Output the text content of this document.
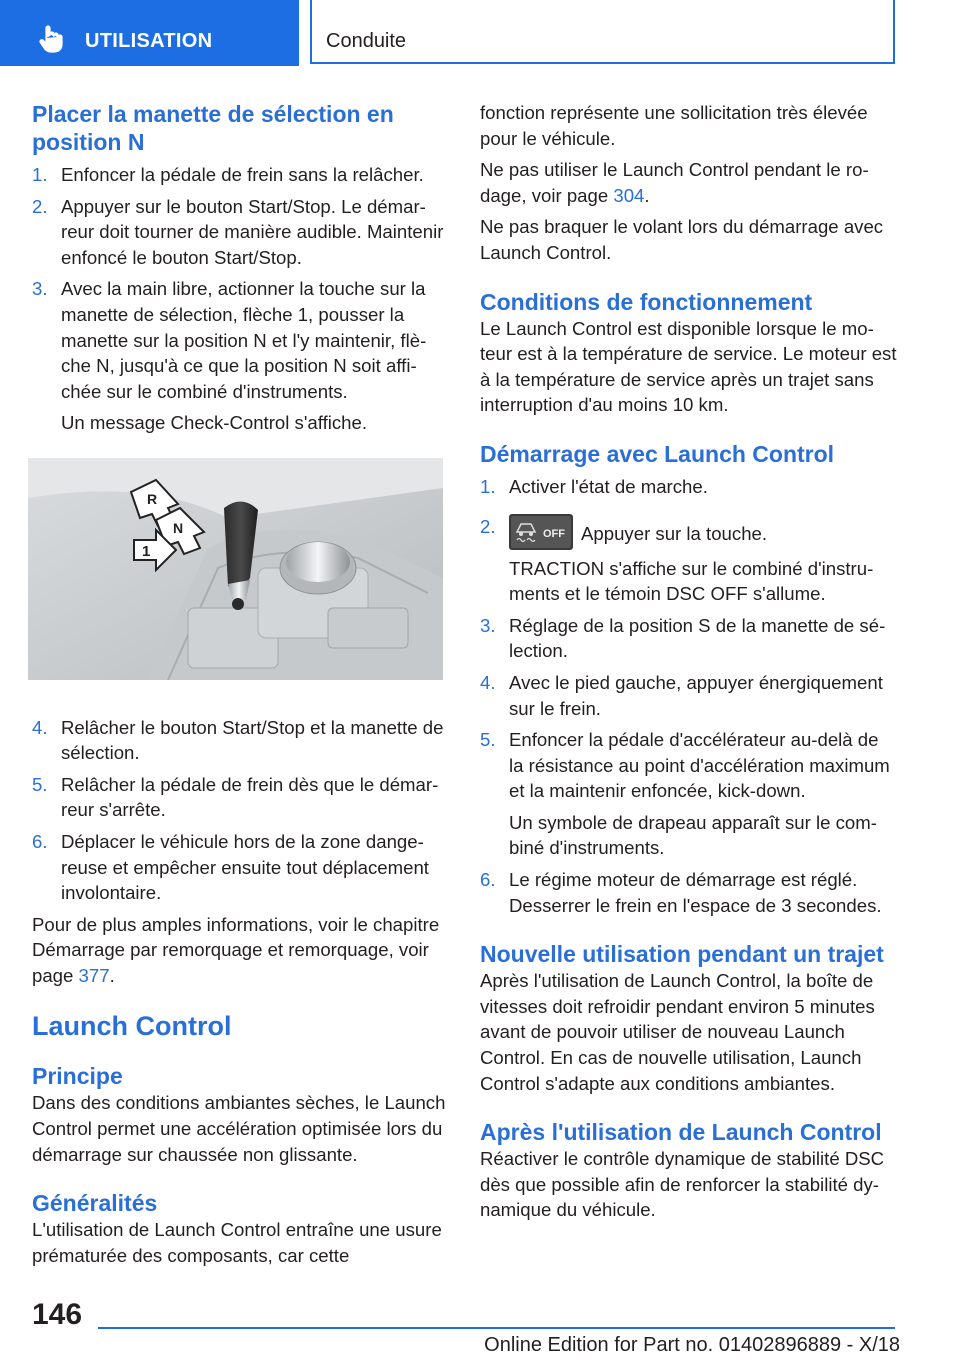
UTILISATION	Conduite
Placer la manette de sélection en position N
1. Enfoncer la pédale de frein sans la relâcher.

2. Appuyer sur le bouton Start/Stop. Le démarreur doit tourner de manière audible. Maintenir enfoncé le bouton Start/Stop.

3. Avec la main libre, actionner la touche sur la manette de sélection, flèche 1, pousser la manette sur la position N et l'y maintenir, flèche N, jusqu'à ce que la position N soit affichée sur le combiné d'instruments.

Un message Check-Control s'affiche.

R
N
1
4. Relâcher le bouton Start/Stop et la manette de sélection.

5. Relâcher la pédale de frein dès que le démarreur s'arrête.

6. Déplacer le véhicule hors de la zone dangereuse et empêcher ensuite tout déplacement involontaire.

Pour de plus amples informations, voir le chapitre Démarrage par remorquage et remorquage, voir page 377.

Launch Control
Principe

Dans des conditions ambiantes sèches, le Launch Control permet une accélération optimisée lors du démarrage sur chaussée non glissante.

Généralités

L'utilisation de Launch Control entraîne une usure prématurée des composants, car cette

fonction représente une sollicitation très élevée pour le véhicule.

Ne pas utiliser le Launch Control pendant le rodage, voir page 304.

Ne pas braquer le volant lors du démarrage avec Launch Control.

Conditions de fonctionnement

Le Launch Control est disponible lorsque le moteur est à la température de service. Le moteur est à la température de service après un trajet sans interruption d'au moins 10 km.

Démarrage avec Launch Control
1. Activer l'état de marche.

2.	OFF Appuyer sur la touche.

TRACTION s'affiche sur le combiné d'instruments et le témoin DSC OFF s'allume.

3. Réglage de la position S de la manette de sélection.

4. Avec le pied gauche, appuyer énergiquement sur le frein.

5. Enfoncer la pédale d'accélérateur au-delà de la résistance au point d'accélération maximum et la maintenir enfoncée, kick-down.

Un symbole de drapeau apparaît sur le combiné d'instruments.

6. Le régime moteur de démarrage est réglé. Desserrer le frein en l'espace de 3 secondes.

Nouvelle utilisation pendant un trajet

Après l'utilisation de Launch Control, la boîte de vitesses doit refroidir pendant environ 5 minutes avant de pouvoir utiliser de nouveau Launch Control. En cas de nouvelle utilisation, Launch Control s'adapte aux conditions ambiantes.

Après l'utilisation de Launch Control

Réactiver le contrôle dynamique de stabilité DSC dès que possible afin de renforcer la stabilité dynamique du véhicule.

146
Online Edition for Part no. 01402896889 - X/18
